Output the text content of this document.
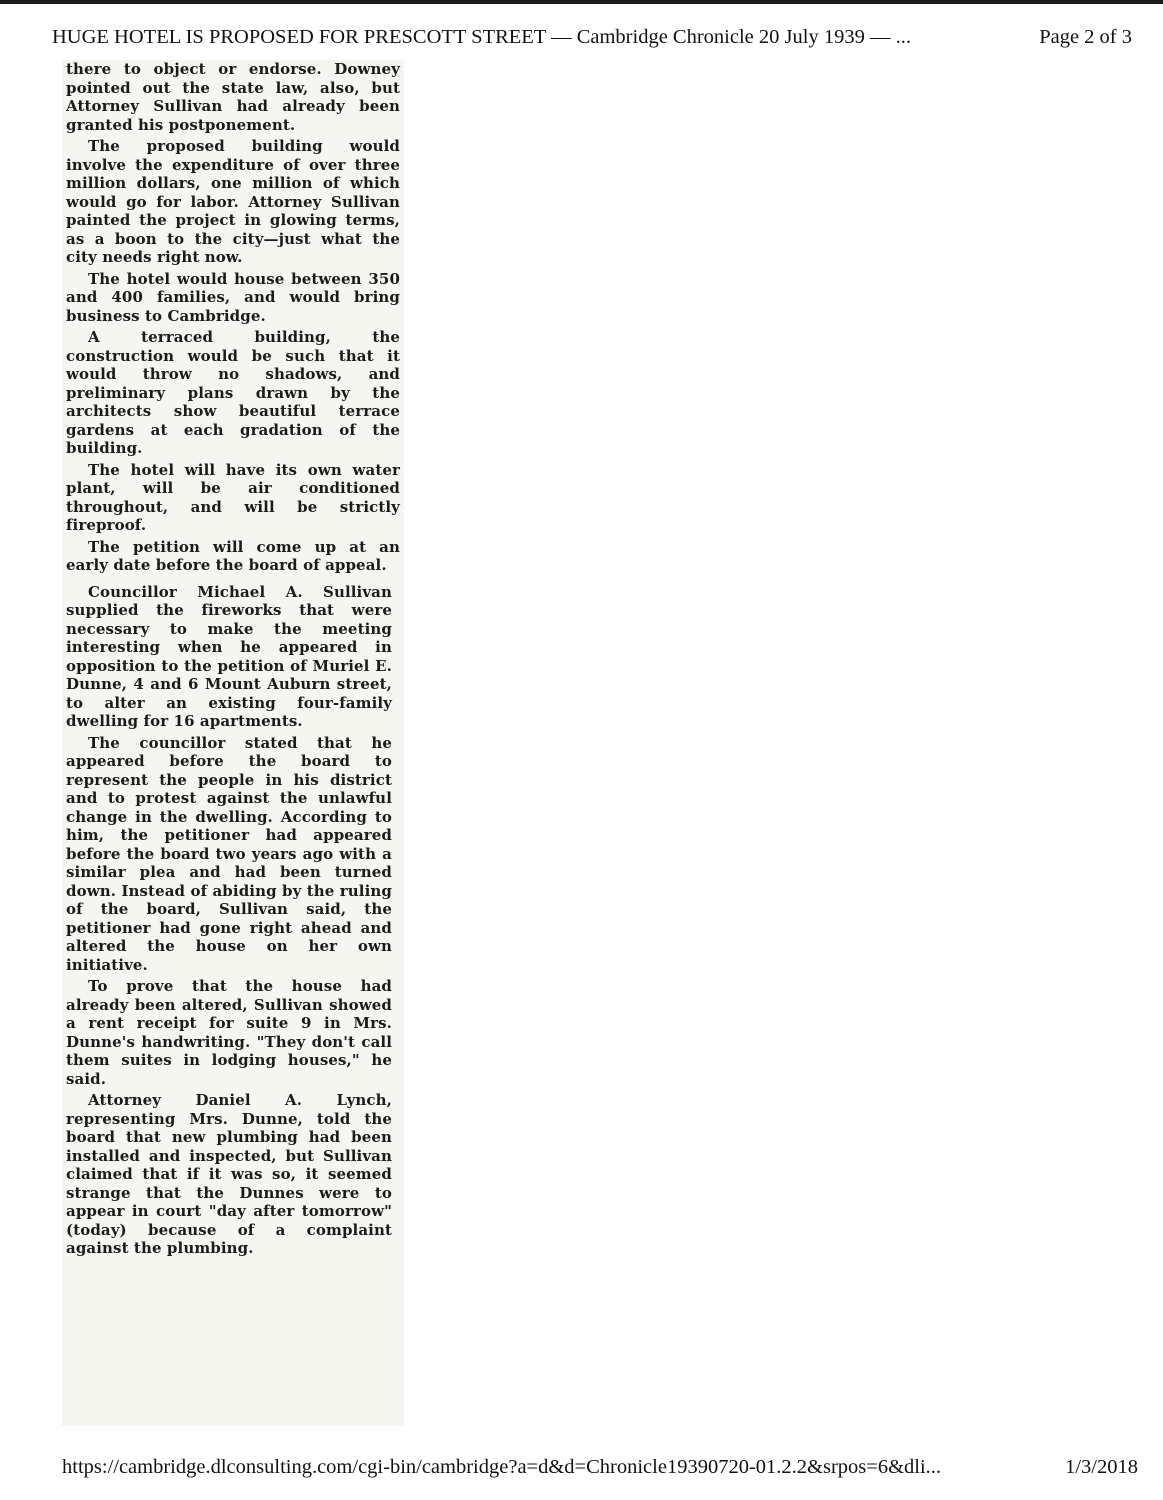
HUGE HOTEL IS PROPOSED FOR PRESCOTT STREET — Cambridge Chronicle 20 July 1939 — ...	Page 2 of 3

there to object or endorse. Downey pointed out the state law, also, but Attorney Sullivan had already been granted his postponement.

The proposed building would involve the expenditure of over three million dollars, one million of which would go for labor. Attorney Sullivan painted the project in glowing terms, as a boon to the city—just what the city needs right now.

The hotel would house between 350 and 400 families, and would bring business to Cambridge.

A terraced building, the construction would be such that it would throw no shadows, and preliminary plans drawn by the architects show beautiful terrace gardens at each gradation of the building.

The hotel will have its own water plant, will be air conditioned throughout, and will be strictly fireproof.

The petition will come up at an early date before the board of appeal.

Councillor Michael A. Sullivan supplied the fireworks that were necessary to make the meeting interesting when he appeared in opposition to the petition of Muriel E. Dunne, 4 and 6 Mount Auburn street, to alter an existing four-family dwelling for 16 apartments.

The councillor stated that he appeared before the board to represent the people in his district and to protest against the unlawful change in the dwelling. According to him, the petitioner had appeared before the board two years ago with a similar plea and had been turned down. Instead of abiding by the ruling of the board, Sullivan said, the petitioner had gone right ahead and altered the house on her own initiative.

To prove that the house had already been altered, Sullivan showed a rent receipt for suite 9 in Mrs. Dunne's handwriting. "They don't call them suites in lodging houses," he said.

Attorney Daniel A. Lynch, representing Mrs. Dunne, told the board that new plumbing had been installed and inspected, but Sullivan claimed that if it was so, it seemed strange that the Dunnes were to appear in court "day after tomorrow" (today) because of a complaint against the plumbing.

https://cambridge.dlconsulting.com/cgi-bin/cambridge?a=d&d=Chronicle19390720-01.2.2&srpos=6&dli...	1/3/2018
